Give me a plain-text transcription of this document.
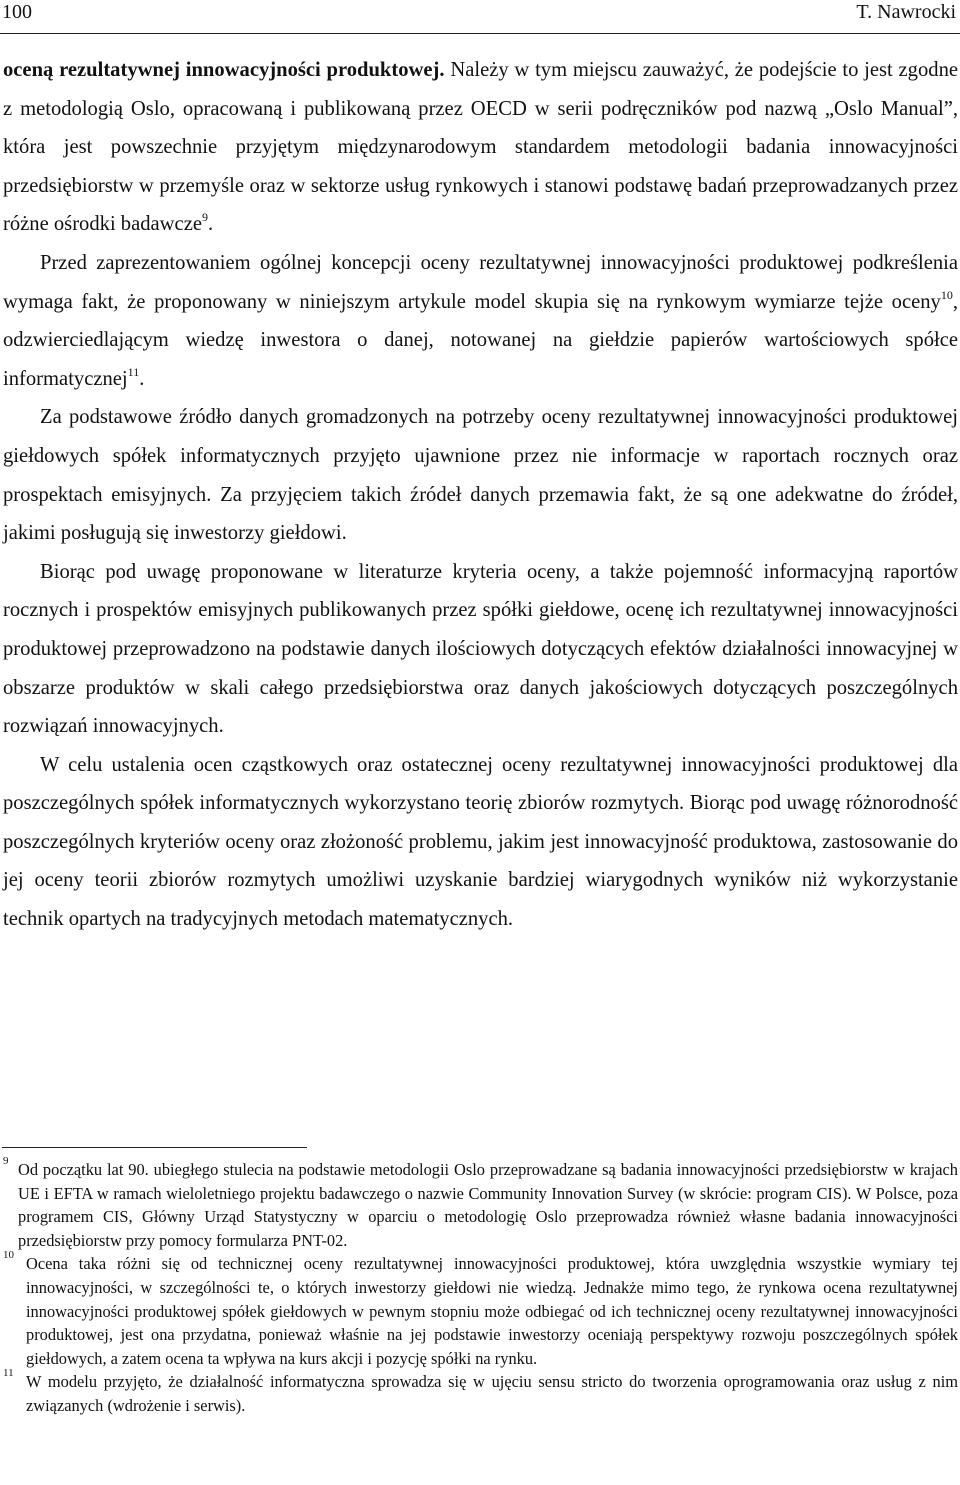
100	T. Nawrocki

oceną rezultatywnej innowacyjności produktowej. Należy w tym miejscu zauważyć, że podejście to jest zgodne z metodologią Oslo, opracowaną i publikowaną przez OECD w serii podręczników pod nazwą „Oslo Manual”, która jest powszechnie przyjętym międzynarodowym standardem metodologii badania innowacyjności przedsiębiorstw w przemyśle oraz w sektorze usług rynkowych i stanowi podstawę badań przeprowadzanych przez różne ośrodki badawcze$^9$.

Przed zaprezentowaniem ogólnej koncepcji oceny rezultatywnej innowacyjności produktowej podkreślenia wymaga fakt, że proponowany w niniejszym artykule model skupia się na rynkowym wymiarze tejże oceny$^{10}$, odzwierciedlającym wiedzę inwestora o danej, notowanej na giełdzie papierów wartościowych spółce informatycznej$^{11}$.

Za podstawowe źródło danych gromadzonych na potrzeby oceny rezultatywnej innowacyjności produktowej giełdowych spółek informatycznych przyjęto ujawnione przez nie informacje w raportach rocznych oraz prospektach emisyjnych. Za przyjęciem takich źródeł danych przemawia fakt, że są one adekwatne do źródeł, jakimi posługują się inwestorzy giełdowi.

Biorąc pod uwagę proponowane w literaturze kryteria oceny, a także pojemność informacyjną raportów rocznych i prospektów emisyjnych publikowanych przez spółki giełdowe, ocenę ich rezultatywnej innowacyjności produktowej przeprowadzono na podstawie danych ilościowych dotyczących efektów działalności innowacyjnej w obszarze produktów w skali całego przedsiębiorstwa oraz danych jakościowych dotyczących poszczególnych rozwiązań innowacyjnych.

W celu ustalenia ocen cząstkowych oraz ostatecznej oceny rezultatywnej innowacyjności produktowej dla poszczególnych spółek informatycznych wykorzystano teorię zbiorów rozmytych. Biorąc pod uwagę różnorodność poszczególnych kryteriów oceny oraz złożoność problemu, jakim jest innowacyjność produktowa, zastosowanie do jej oceny teorii zbiorów rozmytych umożliwi uzyskanie bardziej wiarygodnych wyników niż wykorzystanie technik opartych na tradycyjnych metodach matematycznych.

9 Od początku lat 90. ubiegłego stulecia na podstawie metodologii Oslo przeprowadzane są badania innowacyjności przedsiębiorstw w krajach UE i EFTA w ramach wieloletniego projektu badawczego o nazwie Community Innovation Survey (w skrócie: program CIS). W Polsce, poza programem CIS, Główny Urząd Statystyczny w oparciu o metodologię Oslo przeprowadza również własne badania innowacyjności przedsiębiorstw przy pomocy formularza PNT-02.
10 Ocena taka różni się od technicznej oceny rezultatywnej innowacyjności produktowej, która uwzględnia wszystkie wymiary tej innowacyjności, w szczególności te, o których inwestorzy giełdowi nie wiedzą. Jednakże mimo tego, że rynkowa ocena rezultatywnej innowacyjności produktowej spółek giełdowych w pewnym stopniu może odbiegać od ich technicznej oceny rezultatywnej innowacyjności produktowej, jest ona przydatna, ponieważ właśnie na jej podstawie inwestorzy oceniają perspektywy rozwoju poszczególnych spółek giełdowych, a zatem ocena ta wpływa na kurs akcji i pozycję spółki na rynku.
11 W modelu przyjęto, że działalność informatyczna sprowadza się w ujęciu sensu stricto do tworzenia oprogramowania oraz usług z nim związanych (wdrożenie i serwis).
